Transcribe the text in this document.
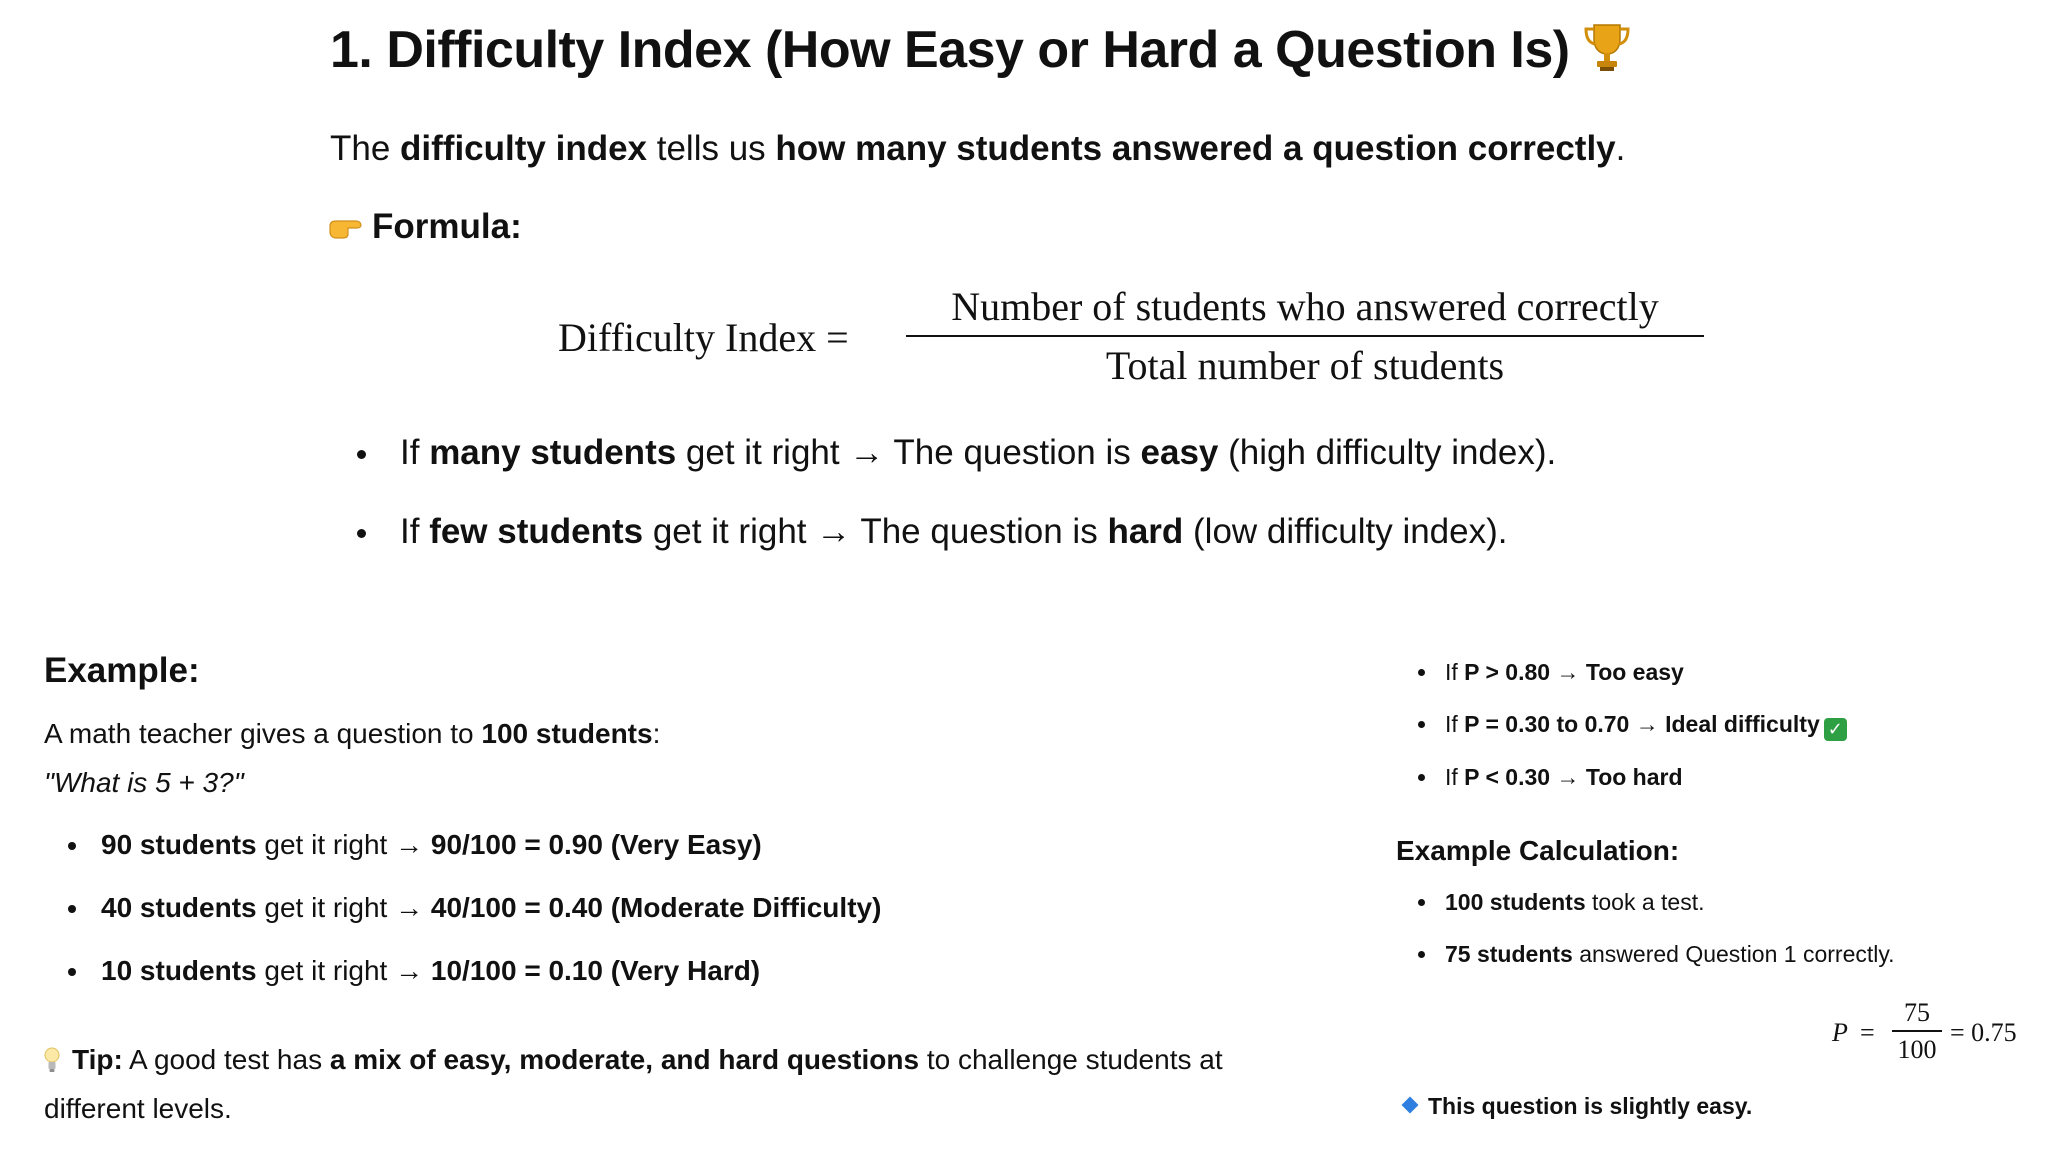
1. Difficulty Index (How Easy or Hard a Question Is)
The difficulty index tells us how many students answered a question correctly.
Formula:
Difficulty Index =
Number of students who answered correctly
Total number of students
If many students get it right → The question is easy (high difficulty index).
If few students get it right → The question is hard (low difficulty index).
Example:
A math teacher gives a question to 100 students:
"What is 5 + 3?"
90 students get it right → 90/100 = 0.90 (Very Easy)
40 students get it right → 40/100 = 0.40 (Moderate Difficulty)
10 students get it right → 10/100 = 0.10 (Very Hard)
Tip: A good test has a mix of easy, moderate, and hard questions to challenge students at different levels.
If P > 0.80 → Too easy
If P = 0.30 to 0.70 → Ideal difficulty ✓
If P < 0.30 → Too hard
Example Calculation:
100 students took a test.
75 students answered Question 1 correctly.
P =
75
100
= 0.75
This question is slightly easy.
